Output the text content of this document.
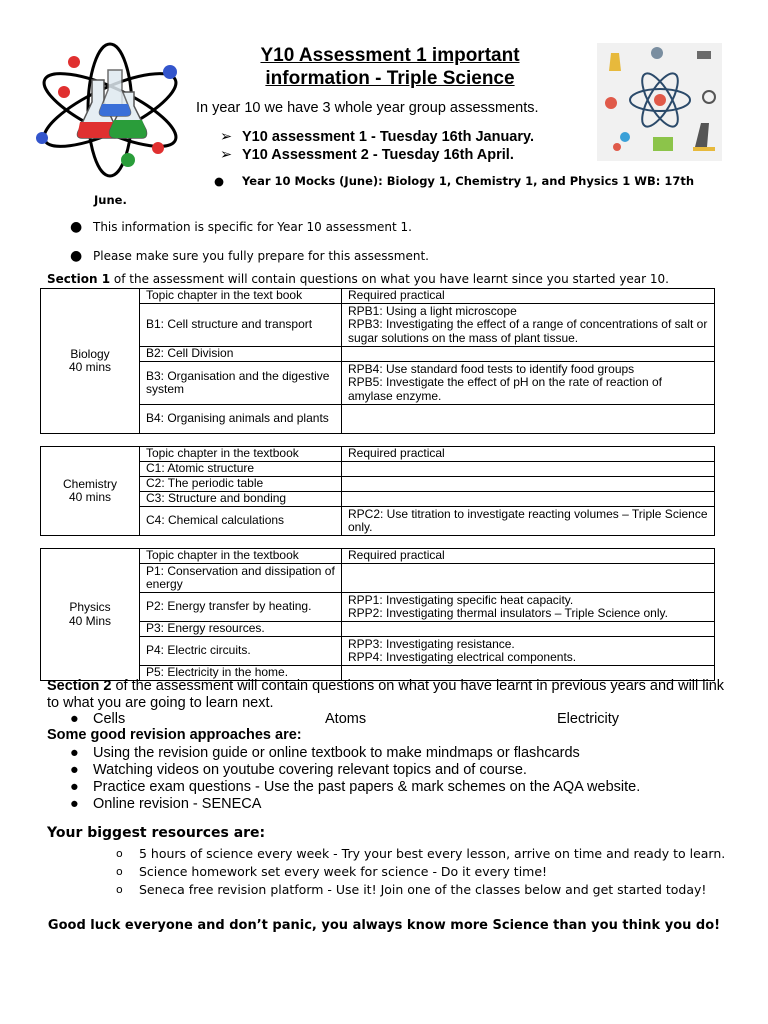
Y10 Assessment 1 important
information - Triple Science
In year 10 we have 3 whole year group assessments.
➢ Y10 assessment 1 - Tuesday 16th January.
➢ Y10 Assessment 2 - Tuesday 16th April.
● Year 10 Mocks (June): Biology 1, Chemistry 1, and Physics 1 WB: 17th
June.
● This information is specific for Year 10 assessment 1.
● Please make sure you fully prepare for this assessment.
Section 1 of the assessment will contain questions on what you have learnt since you started year 10.
Biology
40 mins	Topic chapter in the text book	Required practical
	B1: Cell structure and transport	RPB1: Using a light microscope
RPB3: Investigating the effect of a range of concentrations of salt or sugar solutions on the mass of plant tissue.

	B2: Cell Division	
	B3: Organisation and the digestive system	RPB4: Use standard food tests to identify food groups
RPB5: Investigate the effect of pH on the rate of reaction of amylase enzyme.

	B4: Organising animals and plants	
Chemistry
40 mins	Topic chapter in the textbook	Required practical
	C1: Atomic structure	
	C2: The periodic table	
	C3: Structure and bonding	
	C4: Chemical calculations	RPC2: Use titration to investigate reacting volumes – Triple Science only.
Physics
40 Mins	Topic chapter in the textbook	Required practical
	P1: Conservation and dissipation of energy	
	P2: Energy transfer by heating.	RPP1: Investigating specific heat capacity.
RPP2: Investigating thermal insulators – Triple Science only.

	P3: Energy resources.	
	P4: Electric circuits.	RPP3: Investigating resistance.
RPP4: Investigating electrical components.

	P5: Electricity in the home.	
Section 2 of the assessment will contain questions on what you have learnt in previous years and will link to what you are going to learn next.
● Cells	Atoms	Electricity
Some good revision approaches are:
● Using the revision guide or online textbook to make mindmaps or flashcards
● Watching videos on youtube covering relevant topics and of course.
● Practice exam questions - Use the past papers & mark schemes on the AQA website.
● Online revision - SENECA
Your biggest resources are:
o	5 hours of science every week - Try your best every lesson, arrive on time and ready to learn.
o	Science homework set every week for science - Do it every time!
o	Seneca free revision platform - Use it! Join one of the classes below and get started today!
Good luck everyone and don’t panic, you always know more Science than you think you do!
